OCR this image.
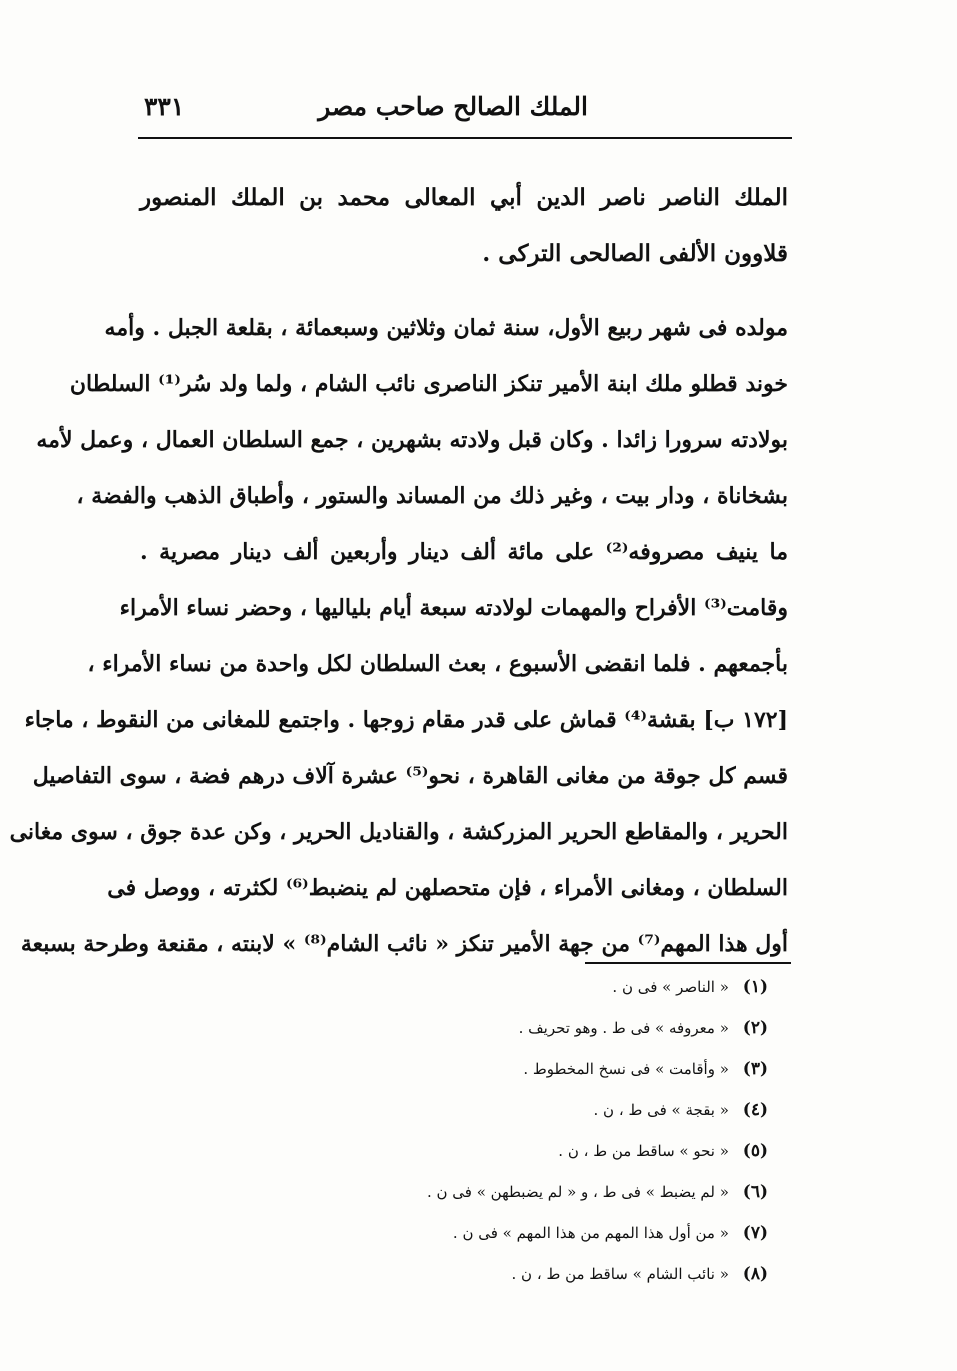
الملك الصالح صاحب مصر
٣٣١
الملك الناصر ناصر الدين أبي المعالى محمد بن الملك المنصور قلاوون الألفى الصالحى التركى .
مولده فى شهر ربيع الأول، سنة ثمان وثلاثين وسبعمائة ، بقلعة الجبل . وأمه
خوند قطلو ملك ابنة الأمير تنكز الناصرى نائب الشام ، ولما ولد سُر⁽¹⁾ السلطان
بولادته سرورا زائدا . وكان قبل ولادته بشهرين ، جمع السلطان العمال ، وعمل لأمه
بشخاناة ، ودار بيت ، وغير ذلك من المساند والستور ، وأطباق الذهب والفضة ،
ما ينيف مصروفه⁽²⁾ على مائة ألف دينار وأربعين ألف دينار مصرية .
وقامت⁽³⁾ الأفراح والمهمات لولادته سبعة أيام بلياليها ، وحضر نساء الأمراء
بأجمعهم . فلما انقضى الأسبوع ، بعث السلطان لكل واحدة من نساء الأمراء ،
[١٧٢ ب] بقشة⁽⁴⁾ قماش على قدر مقام زوجها . واجتمع للمغانى من النقوط ، ماجاء
قسم كل جوقة من مغانى القاهرة ، نحو⁽⁵⁾ عشرة آلاف درهم فضة ، سوى التفاصيل
الحرير ، والمقاطع الحرير المزركشة ، والقناديل الحرير ، وكن عدة جوق ، سوى مغانى
السلطان ، ومغانى الأمراء ، فإن متحصلهن لم ينضبط⁽⁶⁾ لكثرته ، ووصل فى
أول هذا المهم⁽⁷⁾ من جهة الأمير تنكز « نائب الشام⁽⁸⁾ » لابنته ، مقنعة وطرحة بسبعة
(١) « الناصر » فى ن .
(٢) « معروفه » فى ط . وهو تحريف .
(٣) « وأقامت » فى نسخ المخطوط .
(٤) « بقجة » فى ط ، ن .
(٥) « نحو » ساقط من ط ، ن .
(٦) « لم يضبط » فى ط ، و « لم يضبطهن » فى ن .
(٧) « من أول هذا المهم من هذا المهم » فى ن .
(٨) « نائب الشام » ساقط من ط ، ن .
